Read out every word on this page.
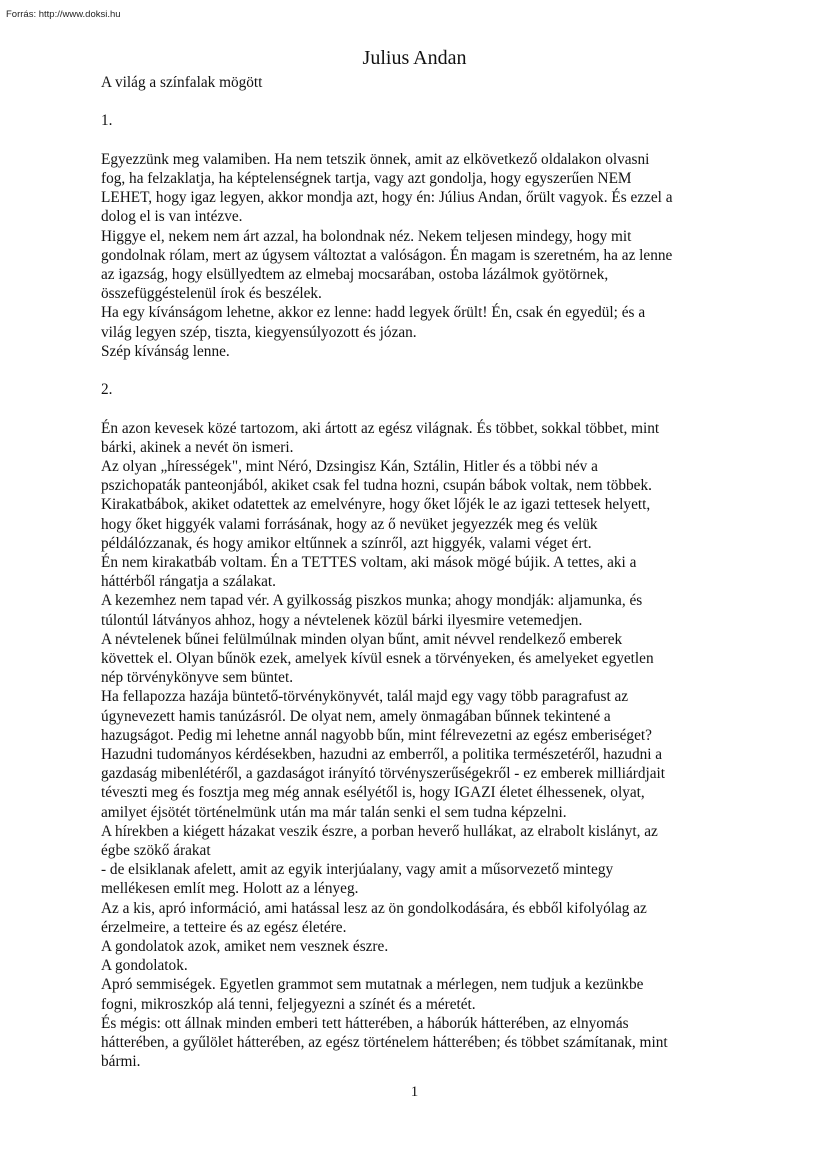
Forrás: http://www.doksi.hu
Julius Andan

A világ a színfalak mögött

1.

Egyezzünk meg valamiben. Ha nem tetszik önnek, amit az elkövetkező oldalakon olvasni

fog, ha felzaklatja, ha képtelenségnek tartja, vagy azt gondolja, hogy egyszerűen NEM

LEHET, hogy igaz legyen, akkor mondja azt, hogy én: Július Andan, őrült vagyok. És ezzel a

dolog el is van intézve.

Higgye el, nekem nem árt azzal, ha bolondnak néz. Nekem teljesen mindegy, hogy mit

gondolnak rólam, mert az úgysem változtat a valóságon. Én magam is szeretném, ha az lenne

az igazság, hogy elsüllyedtem az elmebaj mocsarában, ostoba lázálmok gyötörnek,

összefüggéstelenül írok és beszélek.

Ha egy kívánságom lehetne, akkor ez lenne: hadd legyek őrült! Én, csak én egyedül; és a

világ legyen szép, tiszta, kiegyensúlyozott és józan.

Szép kívánság lenne.

2.

Én azon kevesek közé tartozom, aki ártott az egész világnak. És többet, sokkal többet, mint

bárki, akinek a nevét ön ismeri.

Az olyan „hírességek", mint Néró, Dzsingisz Kán, Sztálin, Hitler és a többi név a

pszichopaták panteonjából, akiket csak fel tudna hozni, csupán bábok voltak, nem többek.

Kirakatbábok, akiket odatettek az emelvényre, hogy őket lőjék le az igazi tettesek helyett,

hogy őket higgyék valami forrásának, hogy az ő nevüket jegyezzék meg és velük

példálózzanak, és hogy amikor eltűnnek a színről, azt higgyék, valami véget ért.

Én nem kirakatbáb voltam. Én a TETTES voltam, aki mások mögé bújik. A tettes, aki a

háttérből rángatja a szálakat.

A kezemhez nem tapad vér. A gyilkosság piszkos munka; ahogy mondják: aljamunka, és

túlontúl látványos ahhoz, hogy a névtelenek közül bárki ilyesmire vetemedjen.

A névtelenek bűnei felülmúlnak minden olyan bűnt, amit névvel rendelkező emberek

követtek el. Olyan bűnök ezek, amelyek kívül esnek a törvényeken, és amelyeket egyetlen

nép törvénykönyve sem büntet.

Ha fellapozza hazája büntető-törvénykönyvét, talál majd egy vagy több paragrafust az

úgynevezett hamis tanúzásról. De olyat nem, amely önmagában bűnnek tekintené a

hazugságot. Pedig mi lehetne annál nagyobb bűn, mint félrevezetni az egész emberiséget?

Hazudni tudományos kérdésekben, hazudni az emberről, a politika természetéről, hazudni a

gazdaság mibenlétéről, a gazdaságot irányító törvényszerűségekről - ez emberek milliárdjait

téveszti meg és fosztja meg még annak esélyétől is, hogy IGAZI életet élhessenek, olyat,

amilyet éjsötét történelmünk után ma már talán senki el sem tudna képzelni.

A hírekben a kiégett házakat veszik észre, a porban heverő hullákat, az elrabolt kislányt, az

égbe szökő árakat

- de elsiklanak afelett, amit az egyik interjúalany, vagy amit a műsorvezető mintegy

mellékesen említ meg. Holott az a lényeg.

Az a kis, apró információ, ami hatással lesz az ön gondolkodására, és ebből kifolyólag az

érzelmeire, a tetteire és az egész életére.

A gondolatok azok, amiket nem vesznek észre.

A gondolatok.

Apró semmiségek. Egyetlen grammot sem mutatnak a mérlegen, nem tudjuk a kezünkbe

fogni, mikroszkóp alá tenni, feljegyezni a színét és a méretét.

És mégis: ott állnak minden emberi tett hátterében, a háborúk hátterében, az elnyomás

hátterében, a gyűlölet hátterében, az egész történelem hátterében; és többet számítanak, mint

bármi.

1
